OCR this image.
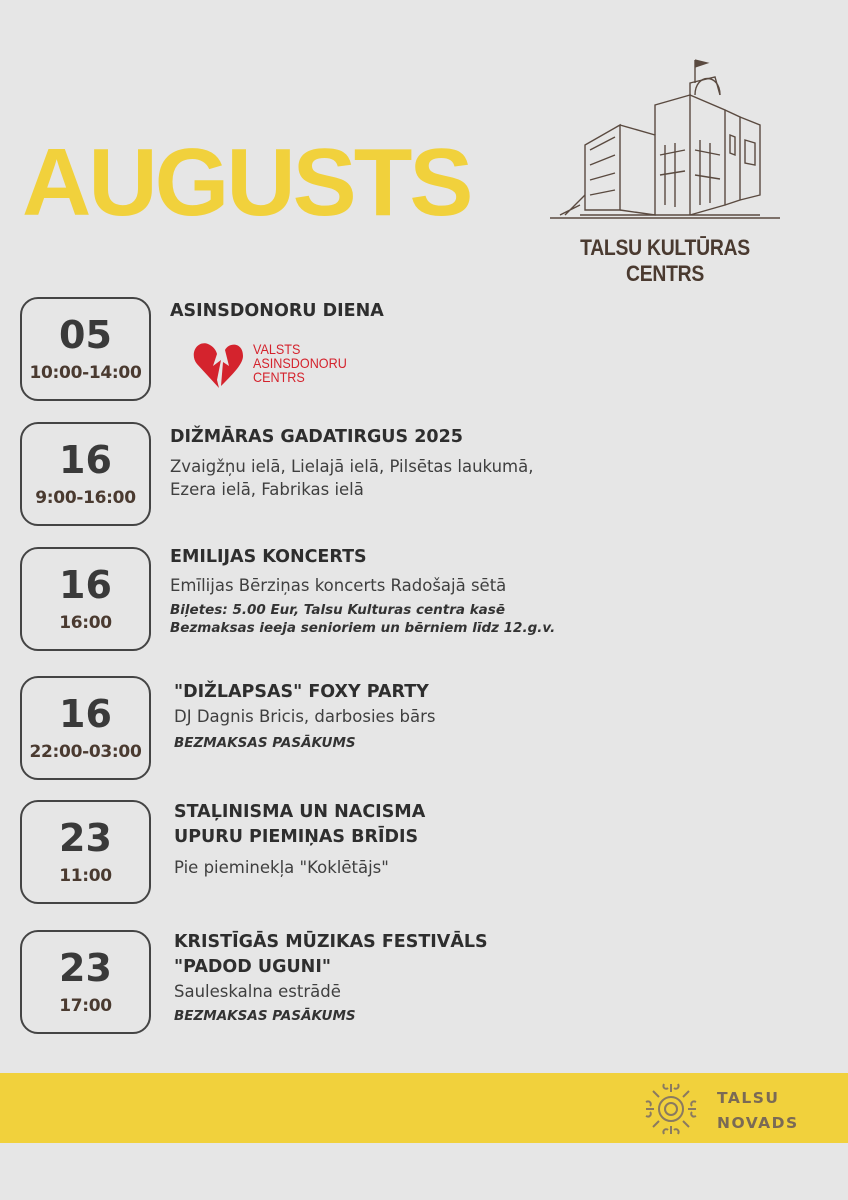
AUGUSTS
TALSU KULTŪRAS CENTRS
05
10:00-14:00
ASINSDONORU DIENA
VALSTS
ASINSDONORU
CENTRS
16
9:00-16:00
DIŽMĀRAS GADATIRGUS 2025
Zvaigžņu ielā, Lielajā ielā, Pilsētas laukumā,
Ezera ielā, Fabrikas ielā
16
16:00
EMILIJAS KONCERTS
Emīlijas Bērziņas koncerts Radošajā sētā
Biļetes: 5.00 Eur, Talsu Kulturas centra kasē
Bezmaksas ieeja senioriem un bērniem līdz 12.g.v.
16
22:00-03:00
"DIŽLAPSAS" FOXY PARTY
DJ Dagnis Bricis, darbosies bārs
BEZMAKSAS PASĀKUMS
23
11:00
STAĻINISMA UN NACISMA
UPURU PIEMIŅAS BRĪDIS
Pie pieminekļa "Koklētājs"
23
17:00
KRISTĪGĀS MŪZIKAS FESTIVĀLS
"PADOD UGUNI"
Sauleskalna estrādē
BEZMAKSAS PASĀKUMS
TALSU
NOVADS
